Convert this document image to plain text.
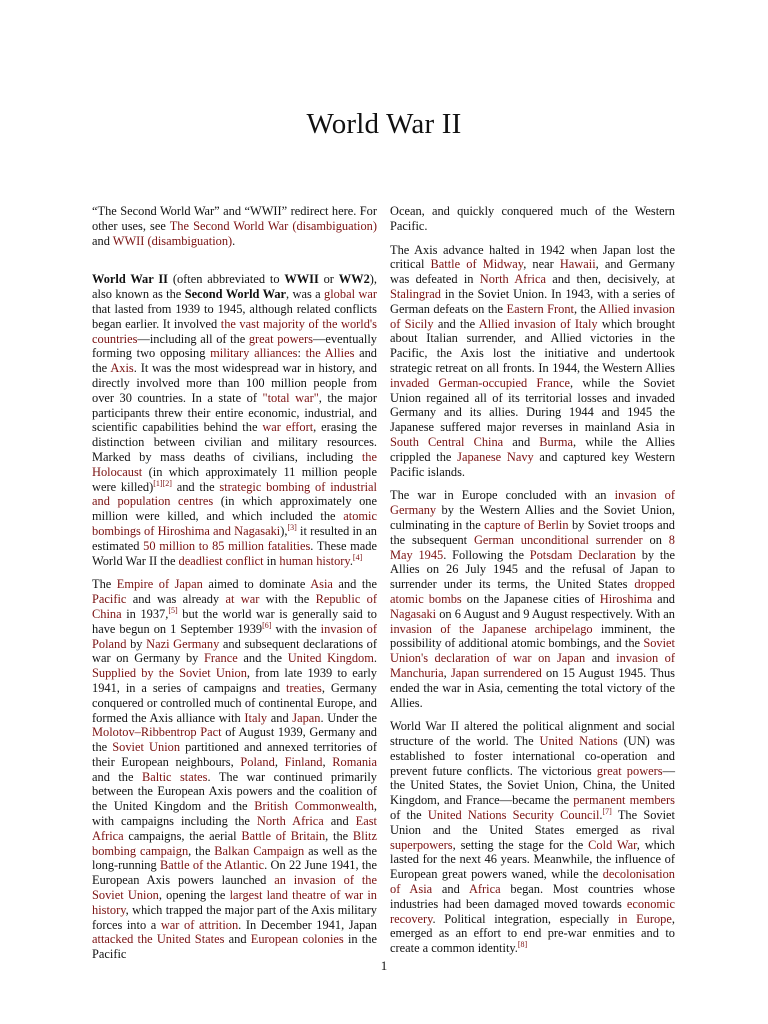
World War II

“The Second World War” and “WWII” redirect here. For other uses, see The Second World War (disambiguation) and WWII (disambiguation).

World War II (often abbreviated to WWII or WW2), also known as the Second World War, was a global war that lasted from 1939 to 1945, although related conflicts began earlier. It involved the vast majority of the world's countries—including all of the great powers—eventually forming two opposing military alliances: the Allies and the Axis. It was the most widespread war in history, and directly involved more than 100 million people from over 30 countries. In a state of "total war", the major participants threw their entire economic, industrial, and scientific capabilities behind the war effort, erasing the distinction between civilian and military resources. Marked by mass deaths of civilians, including the Holocaust (in which approximately 11 million people were killed)[1][2] and the strategic bombing of industrial and population centres (in which approximately one million were killed, and which included the atomic bombings of Hiroshima and Nagasaki),[3] it resulted in an estimated 50 million to 85 million fatalities. These made World War II the deadliest conflict in human history.[4]

The Empire of Japan aimed to dominate Asia and the Pacific and was already at war with the Republic of China in 1937,[5] but the world war is generally said to have begun on 1 September 1939[6] with the invasion of Poland by Nazi Germany and subsequent declarations of war on Germany by France and the United Kingdom. Supplied by the Soviet Union, from late 1939 to early 1941, in a series of campaigns and treaties, Germany conquered or controlled much of continental Europe, and formed the Axis alliance with Italy and Japan. Under the Molotov–Ribbentrop Pact of August 1939, Germany and the Soviet Union partitioned and annexed territories of their European neighbours, Poland, Finland, Romania and the Baltic states. The war continued primarily between the European Axis powers and the coalition of the United Kingdom and the British Commonwealth, with campaigns including the North Africa and East Africa campaigns, the aerial Battle of Britain, the Blitz bombing campaign, the Balkan Campaign as well as the long-running Battle of the Atlantic. On 22 June 1941, the European Axis powers launched an invasion of the Soviet Union, opening the largest land theatre of war in history, which trapped the major part of the Axis military forces into a war of attrition. In December 1941, Japan attacked the United States and European colonies in the Pacific

Ocean, and quickly conquered much of the Western Pacific.

The Axis advance halted in 1942 when Japan lost the critical Battle of Midway, near Hawaii, and Germany was defeated in North Africa and then, decisively, at Stalingrad in the Soviet Union. In 1943, with a series of German defeats on the Eastern Front, the Allied invasion of Sicily and the Allied invasion of Italy which brought about Italian surrender, and Allied victories in the Pacific, the Axis lost the initiative and undertook strategic retreat on all fronts. In 1944, the Western Allies invaded German-occupied France, while the Soviet Union regained all of its territorial losses and invaded Germany and its allies. During 1944 and 1945 the Japanese suffered major reverses in mainland Asia in South Central China and Burma, while the Allies crippled the Japanese Navy and captured key Western Pacific islands.

The war in Europe concluded with an invasion of Germany by the Western Allies and the Soviet Union, culminating in the capture of Berlin by Soviet troops and the subsequent German unconditional surrender on 8 May 1945. Following the Potsdam Declaration by the Allies on 26 July 1945 and the refusal of Japan to surrender under its terms, the United States dropped atomic bombs on the Japanese cities of Hiroshima and Nagasaki on 6 August and 9 August respectively. With an invasion of the Japanese archipelago imminent, the possibility of additional atomic bombings, and the Soviet Union's declaration of war on Japan and invasion of Manchuria, Japan surrendered on 15 August 1945. Thus ended the war in Asia, cementing the total victory of the Allies.

World War II altered the political alignment and social structure of the world. The United Nations (UN) was established to foster international co-operation and prevent future conflicts. The victorious great powers—the United States, the Soviet Union, China, the United Kingdom, and France—became the permanent members of the United Nations Security Council.[7] The Soviet Union and the United States emerged as rival superpowers, setting the stage for the Cold War, which lasted for the next 46 years. Meanwhile, the influence of European great powers waned, while the decolonisation of Asia and Africa began. Most countries whose industries had been damaged moved towards economic recovery. Political integration, especially in Europe, emerged as an effort to end pre-war enmities and to create a common identity.[8]

1
